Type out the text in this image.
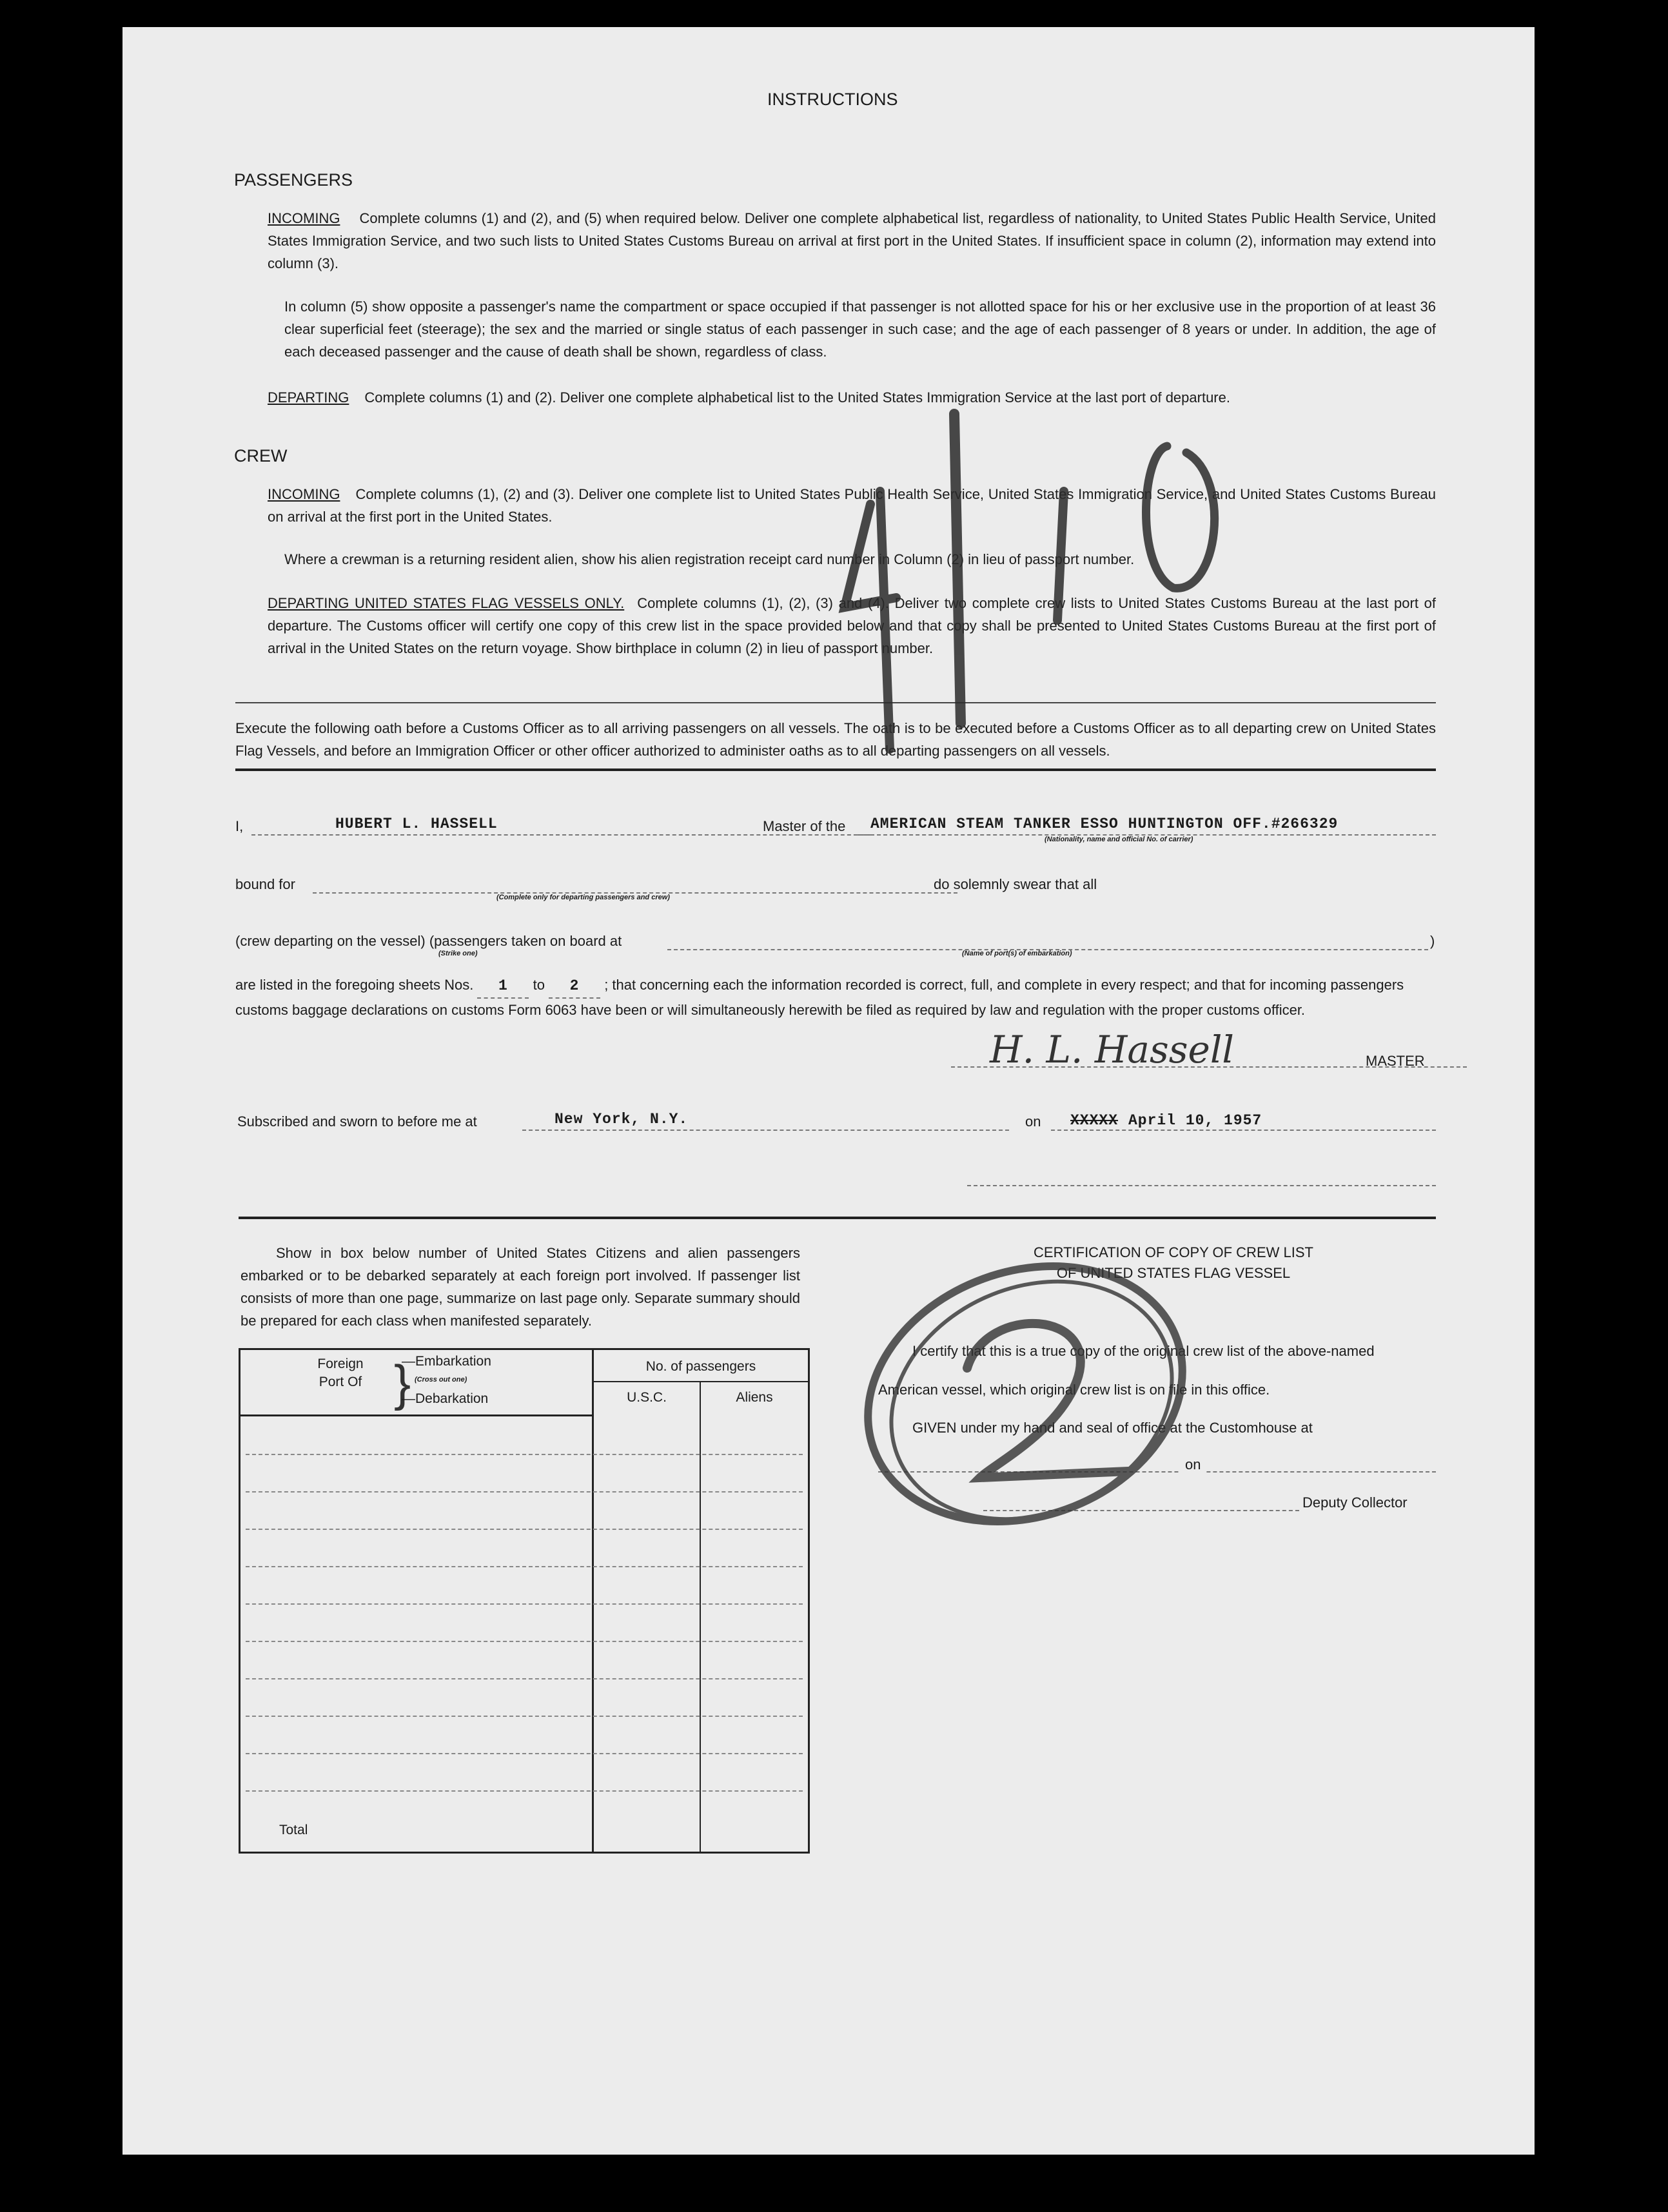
INSTRUCTIONS
PASSENGERS
INCOMING Complete columns (1) and (2), and (5) when required below. Deliver one complete alphabetical list, regardless of nationality, to United States Public Health Service, United States Immigration Service, and two such lists to United States Customs Bureau on arrival at first port in the United States. If insufficient space in column (2), information may extend into column (3).
In column (5) show opposite a passenger's name the compartment or space occupied if that passenger is not allotted space for his or her exclusive use in the proportion of at least 36 clear superficial feet (steerage); the sex and the married or single status of each passenger in such case; and the age of each passenger of 8 years or under. In addition, the age of each deceased passenger and the cause of death shall be shown, regardless of class.
DEPARTING Complete columns (1) and (2). Deliver one complete alphabetical list to the United States Immigration Service at the last port of departure.
CREW
INCOMING Complete columns (1), (2) and (3). Deliver one complete list to United States Public Health Service, United States Immigration Service, and United States Customs Bureau on arrival at the first port in the United States.
Where a crewman is a returning resident alien, show his alien registration receipt card number in Column (2) in lieu of passport number.
DEPARTING UNITED STATES FLAG VESSELS ONLY. Complete columns (1), (2), (3) and (4). Deliver two complete crew lists to United States Customs Bureau at the last port of departure. The Customs officer will certify one copy of this crew list in the space provided below and that copy shall be presented to United States Customs Bureau at the first port of arrival in the United States on the return voyage. Show birthplace in column (2) in lieu of passport number.
Execute the following oath before a Customs Officer as to all arriving passengers on all vessels. The oath is to be executed before a Customs Officer as to all departing crew on United States Flag Vessels, and before an Immigration Officer or other officer authorized to administer oaths as to all departing passengers on all vessels.
I,	HUBERT L. HASSELL	Master of the AMERICAN STEAM TANKER ESSO HUNTINGTON OFF.#266329
(Nationality, name and official No. of carrier)
bound for
(Complete only for departing passengers and crew)
do solemnly swear that all
(crew departing on the vessel) (passengers taken on board at	)
(Strike one)	(Name of port(s) of embarkation)
are listed in the foregoing sheets Nos. 1 to 2 ; that concerning each the information recorded is correct, full, and complete in every respect; and that for incoming passengers customs baggage declarations on customs Form 6063 have been or will simultaneously herewith be filed as required by law and regulation with the proper customs officer.
H. L. Hassell	MASTER
Subscribed and sworn to before me at	New York, N.Y.	on XXXXX April 10, 1957
Show in box below number of United States Citizens and alien passengers embarked or to be debarked separately at each foreign port involved. If passenger list consists of more than one page, summarize on last page only. Separate summary should be prepared for each class when manifested separately.
Foreign Port Of }
—Embarkation
(Cross out one)
—Debarkation
No. of passengers
U.S.C.	Aliens
Total
CERTIFICATION OF COPY OF CREW LIST
OF UNITED STATES FLAG VESSEL
I certify that this is a true copy of the original crew list of the above-named
American vessel, which original crew list is on file in this office.
GIVEN under my hand and seal of office at the Customhouse at
on
Deputy Collector
